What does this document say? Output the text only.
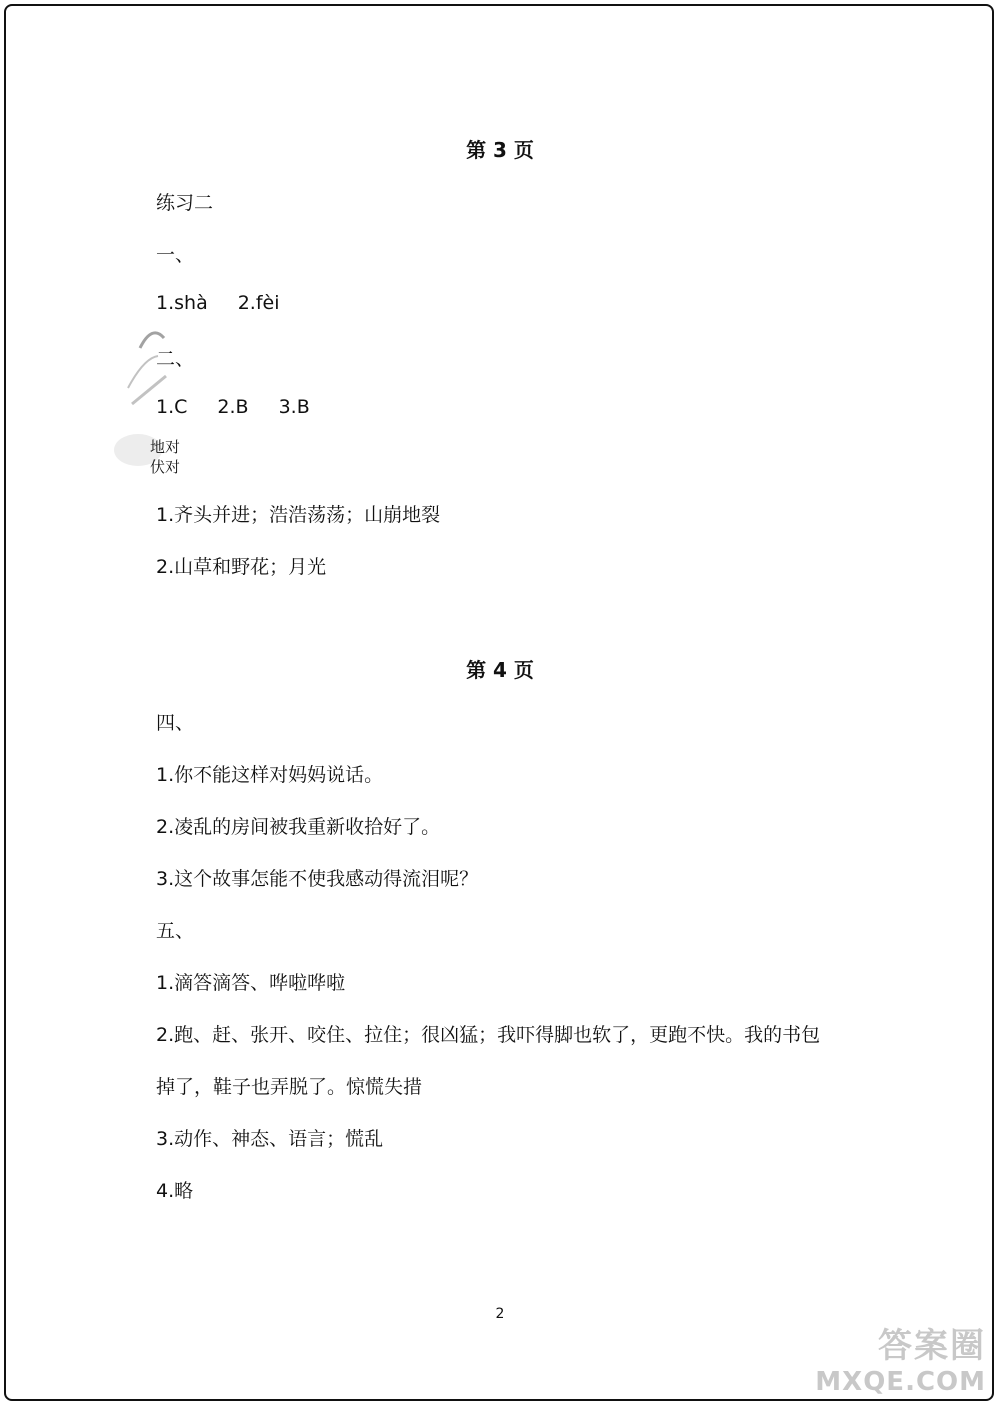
第 3 页
练习二
一、
1.shà 2.fèi
二、
1.C 2.B 3.B
地对
伏对
1.齐头并进；浩浩荡荡；山崩地裂
2.山草和野花；月光
第 4 页
四、
1.你不能这样对妈妈说话。
2.凌乱的房间被我重新收拾好了。
3.这个故事怎能不使我感动得流泪呢？
五、
1.滴答滴答、哗啦哗啦
2.跑、赶、张开、咬住、拉住；很凶猛；我吓得脚也软了，更跑不快。我的书包
掉了，鞋子也弄脱了。惊慌失措
3.动作、神态、语言；慌乱
4.略
2
答案圈
MXQE.COM
